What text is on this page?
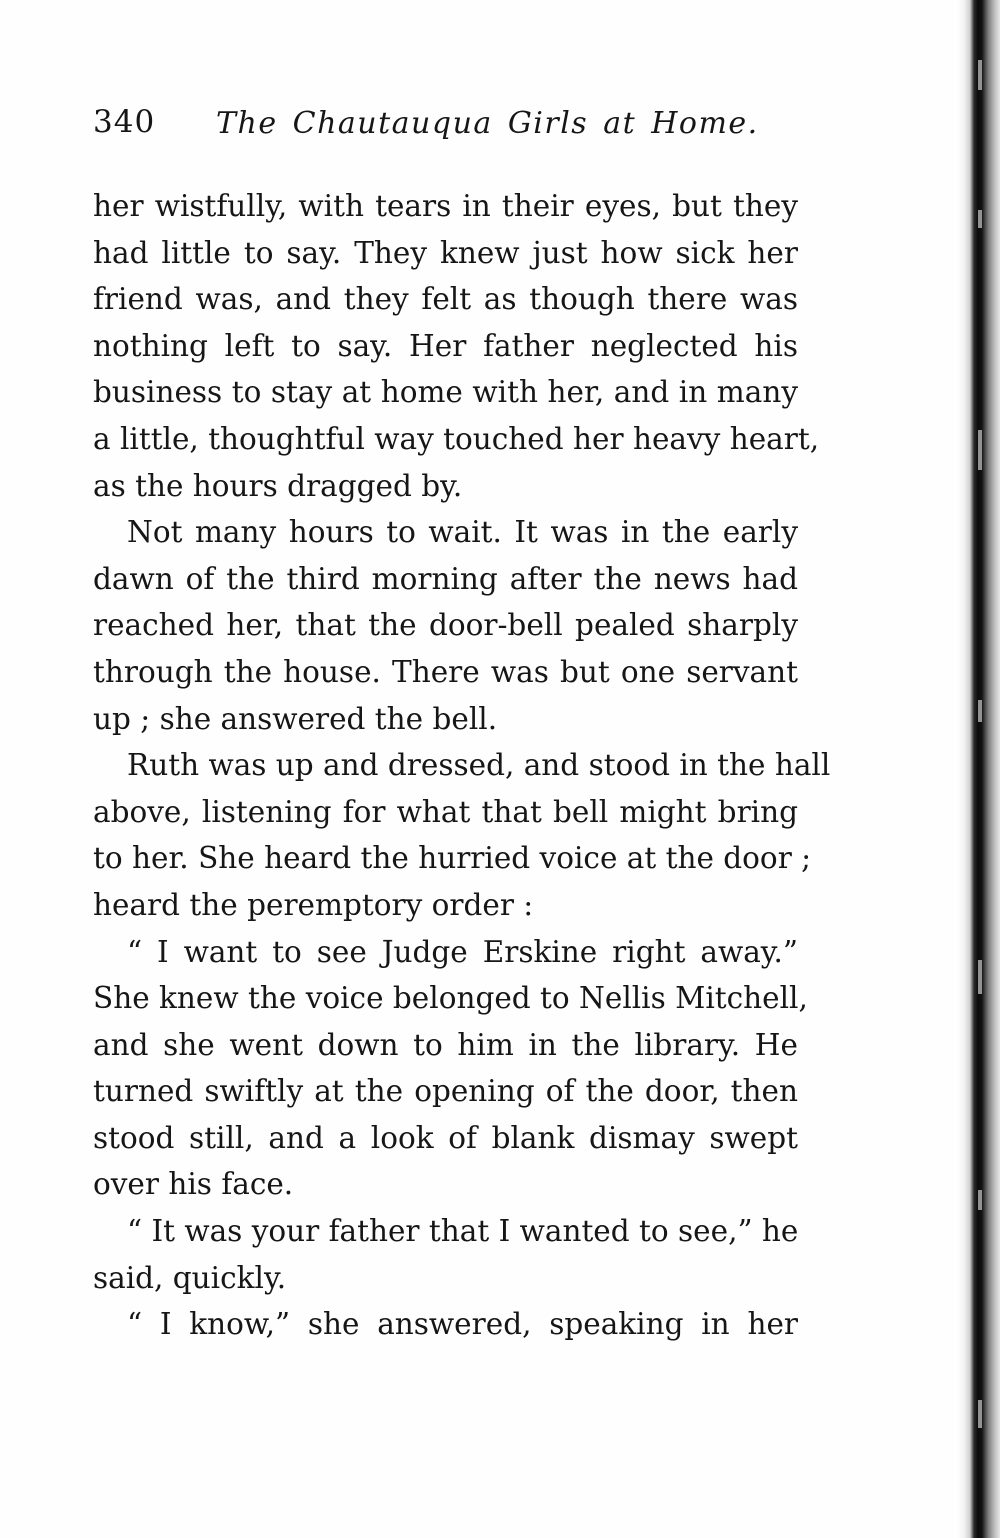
340 The Chautauqua Girls at Home.
her wistfully, with tears in their eyes, but they
had little to say. They knew just how sick her
friend was, and they felt as though there was
nothing left to say. Her father neglected his
business to stay at home with her, and in many
a little, thoughtful way touched her heavy heart,
as the hours dragged by.
Not many hours to wait. It was in the early
dawn of the third morning after the news had
reached her, that the door-bell pealed sharply
through the house. There was but one servant
up ; she answered the bell.
Ruth was up and dressed, and stood in the hall
above, listening for what that bell might bring
to her. She heard the hurried voice at the door ;
heard the peremptory order :
“ I want to see Judge Erskine right away.”
She knew the voice belonged to Nellis Mitchell,
and she went down to him in the library. He
turned swiftly at the opening of the door, then
stood still, and a look of blank dismay swept
over his face.
“ It was your father that I wanted to see,” he
said, quickly.
“ I know,” she answered, speaking in her
